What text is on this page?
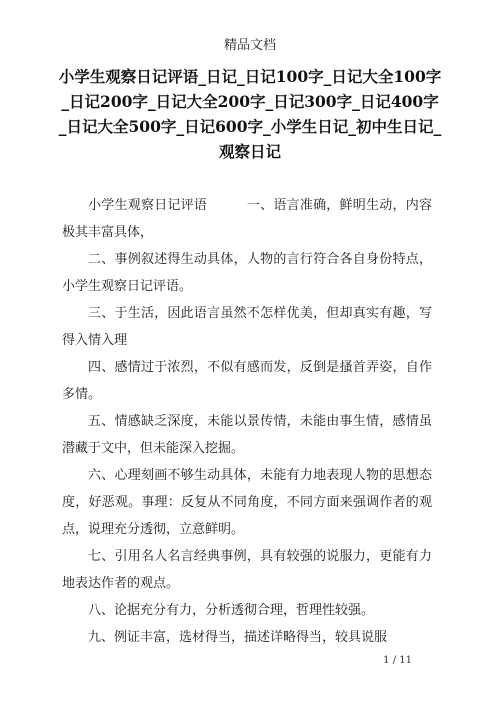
精品文档
小学生观察日记评语_日记_日记100字_日记大全100字_日记200字_日记大全200字_日记300字_日记400字_日记大全500字_日记600字_小学生日记_初中生日记_观察日记

小学生观察日记评语　　　一、语言准确，鲜明生动，内容极其丰富具体，

二、事例叙述得生动具体，人物的言行符合各自身份特点，小学生观察日记评语。

三、于生活，因此语言虽然不怎样优美，但却真实有趣，写得入情入理

四、感情过于浓烈，不似有感而发，反倒是搔首弄姿，自作多情。

五、情感缺乏深度，未能以景传情，未能由事生情，感情虽潜藏于文中，但未能深入挖掘。

六、心理刻画不够生动具体，未能有力地表现人物的思想态度，好恶观。事理：反复从不同角度，不同方面来强调作者的观点，说理充分透彻，立意鲜明。

七、引用名人名言经典事例，具有较强的说服力，更能有力地表达作者的观点。

八、论据充分有力，分析透彻合理，哲理性较强。

九、例证丰富，选材得当，描述详略得当，较具说服

1 / 11
